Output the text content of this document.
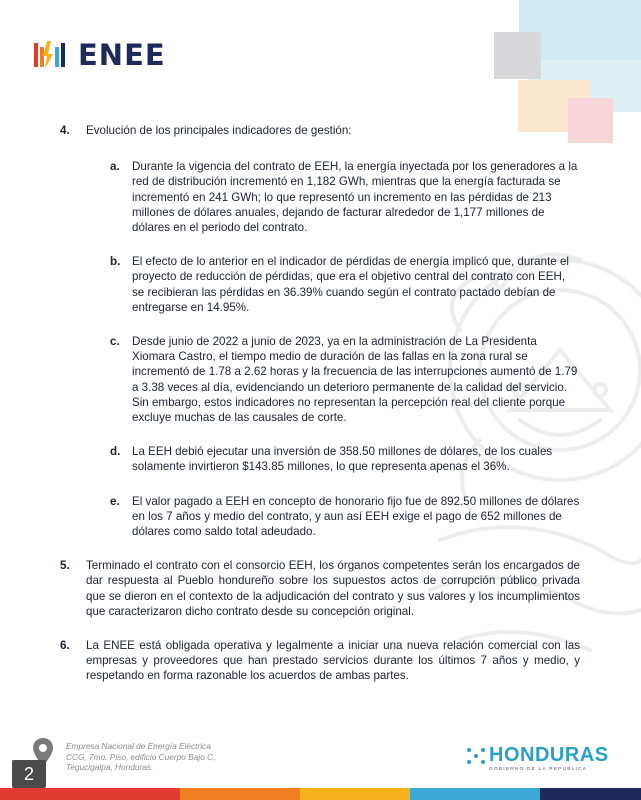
ENEE
4.	Evolución de los principales indicadores de gestión:
a.	Durante la vigencia del contrato de EEH, la energía inyectada por los generadores a la red de distribución incrementó en 1,182 GWh, mientras que la energía facturada se incrementó en 241 GWh; lo que representó un incremento en las pérdidas de 213 millones de dólares anuales, dejando de facturar alrededor de 1,177 millones de dólares en el periodo del contrato.
b.	El efecto de lo anterior en el indicador de pérdidas de energía implicó que, durante el proyecto de reducción de pérdidas, que era el objetivo central del contrato con EEH, se recibieran las pérdidas en 36.39% cuando según el contrato pactado debían de entregarse en 14.95%.
c.	Desde junio de 2022 a junio de 2023, ya en la administración de La Presidenta Xiomara Castro, el tiempo medio de duración de las fallas en la zona rural se incrementó de 1.78 a 2.62 horas y la frecuencia de las interrupciones aumentó de 1.79 a 3.38 veces al día, evidenciando un deterioro permanente de la calidad del servicio. Sin embargo, estos indicadores no representan la percepción real del cliente porque excluye muchas de las causales de corte.
d.	La EEH debió ejecutar una inversión de 358.50 millones de dólares, de los cuales solamente invirtieron $143.85 millones, lo que representa apenas el 36%.
e.	El valor pagado a EEH en concepto de honorario fijo fue de 892.50 millones de dólares en los 7 años y medio del contrato, y aun así EEH exige el pago de 652 millones de dólares como saldo total adeudado.
5.	Terminado el contrato con el consorcio EEH, los órganos competentes serán los encargados de dar respuesta al Pueblo hondureño sobre los supuestos actos de corrupción público privada que se dieron en el contexto de la adjudicación del contrato y sus valores y los incumplimientos que caracterizaron dicho contrato desde su concepción original.
6.	La ENEE está obligada operativa y legalmente a iniciar una nueva relación comercial con las empresas y proveedores que han prestado servicios durante los últimos 7 años y medio, y respetando en forma razonable los acuerdos de ambas partes.
Empresa Nacional de Energía Eléctrica
CCG, 7mo. Piso, edificio Cuerpo Bajo C,
Tegucigalpa, Honduras.
HONDURAS
GOBIERNO DE LA REPÚBLICA
2
